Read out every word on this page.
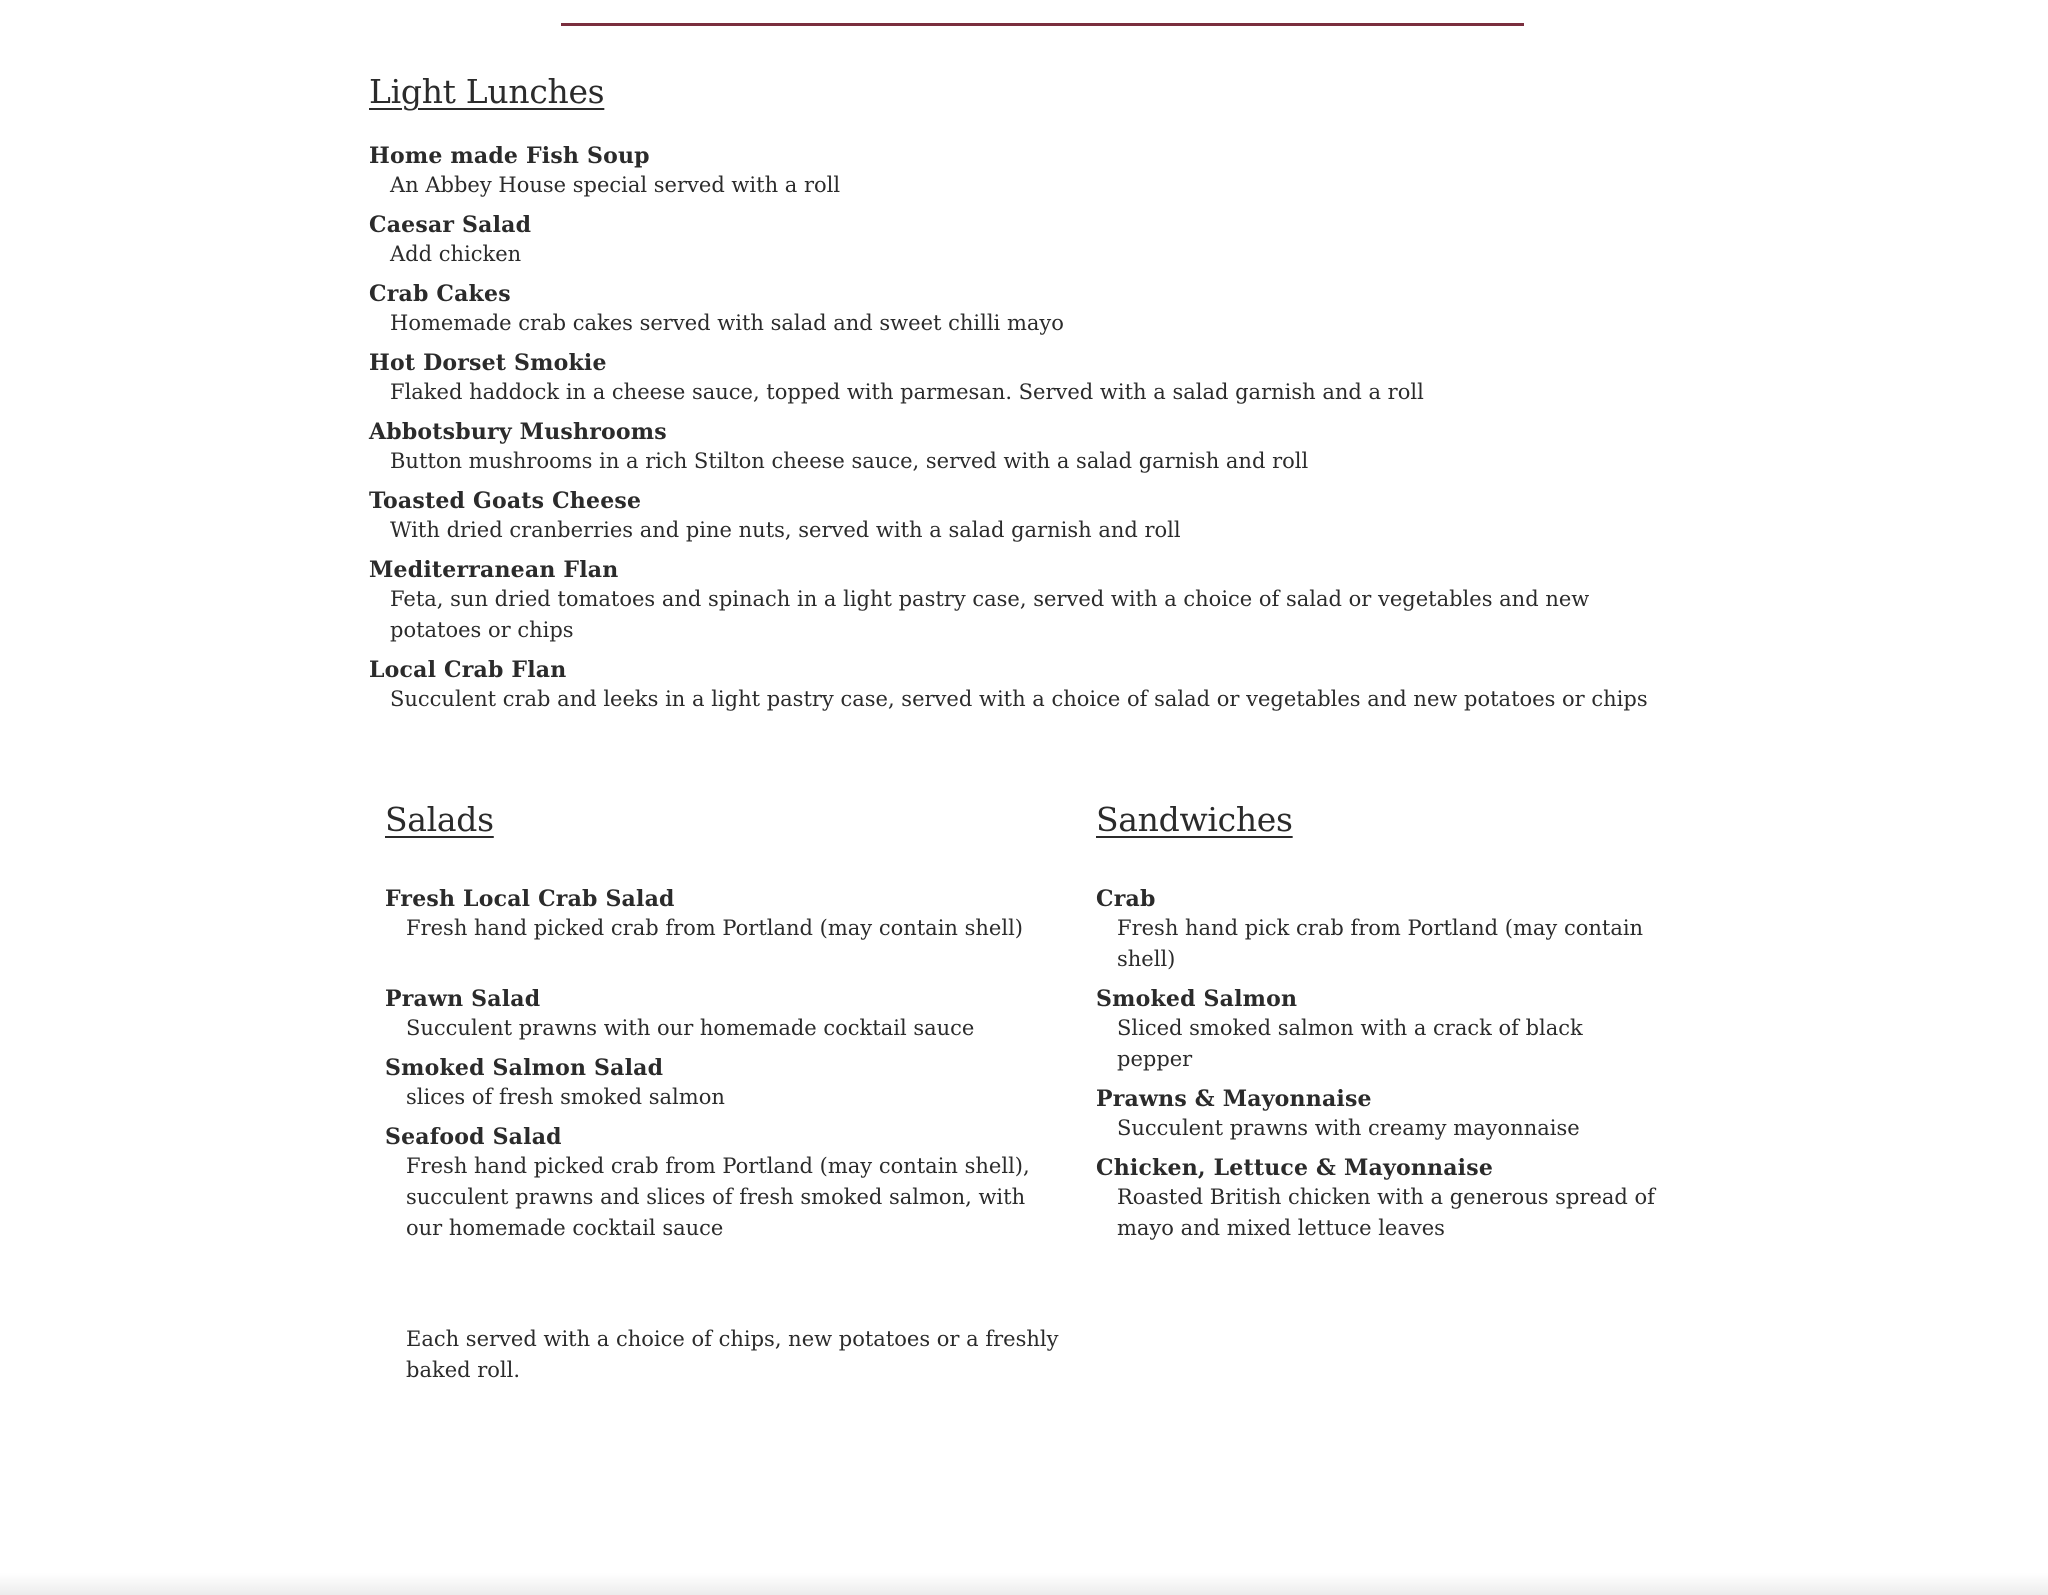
Light Lunches
Home made Fish Soup
An Abbey House special served with a roll
Caesar Salad
Add chicken
Crab Cakes
Homemade crab cakes served with salad and sweet chilli mayo
Hot Dorset Smokie
Flaked haddock in a cheese sauce, topped with parmesan. Served with a salad garnish and a roll
Abbotsbury Mushrooms
Button mushrooms in a rich Stilton cheese sauce, served with a salad garnish and roll
Toasted Goats Cheese
With dried cranberries and pine nuts, served with a salad garnish and roll
Mediterranean Flan
Feta, sun dried tomatoes and spinach in a light pastry case, served with a choice of salad or vegetables and new potatoes or chips
Local Crab Flan
Succulent crab and leeks in a light pastry case, served with a choice of salad or vegetables and new potatoes or chips
Salads
Fresh Local Crab Salad
Fresh hand picked crab from Portland (may contain shell)
Prawn Salad
Succulent prawns with our homemade cocktail sauce
Smoked Salmon Salad
slices of fresh smoked salmon
Seafood Salad
Fresh hand picked crab from Portland (may contain shell), succulent prawns and slices of fresh smoked salmon, with our homemade cocktail sauce
Each served with a choice of chips, new potatoes or a freshly baked roll.
Sandwiches
Crab
Fresh hand pick crab from Portland (may contain shell)
Smoked Salmon
Sliced smoked salmon with a crack of black pepper
Prawns & Mayonnaise
Succulent prawns with creamy mayonnaise
Chicken, Lettuce & Mayonnaise
Roasted British chicken with a generous spread of mayo and mixed lettuce leaves
